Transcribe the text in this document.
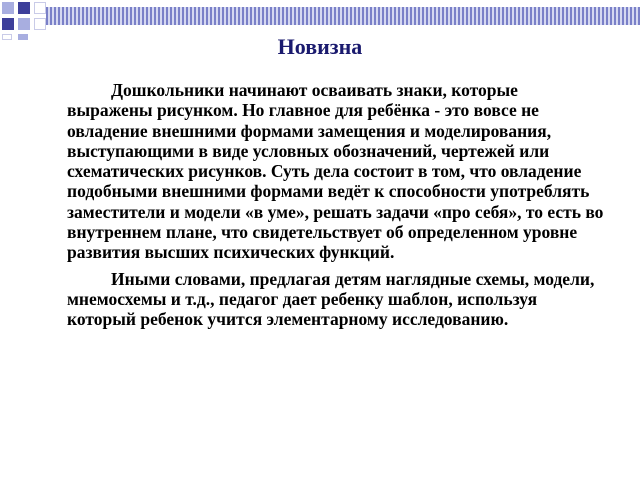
Новизна

Дошкольники начинают осваивать знаки, которые выражены рисунком. Но главное для ребёнка - это вовсе не овладение внешними формами замещения и моделирования, выступающими в виде условных обозначений, чертежей или схематических рисунков. Суть дела состоит в том, что овладение подобными внешними формами ведёт к способности употреблять заместители и модели «в уме», решать задачи «про себя», то есть во внутреннем плане, что свидетельствует об определенном уровне развития высших психических функций.

Иными словами, предлагая детям наглядные схемы, модели, мнемосхемы и т.д., педагог дает ребенку шаблон, используя который ребенок учится элементарному исследованию.
